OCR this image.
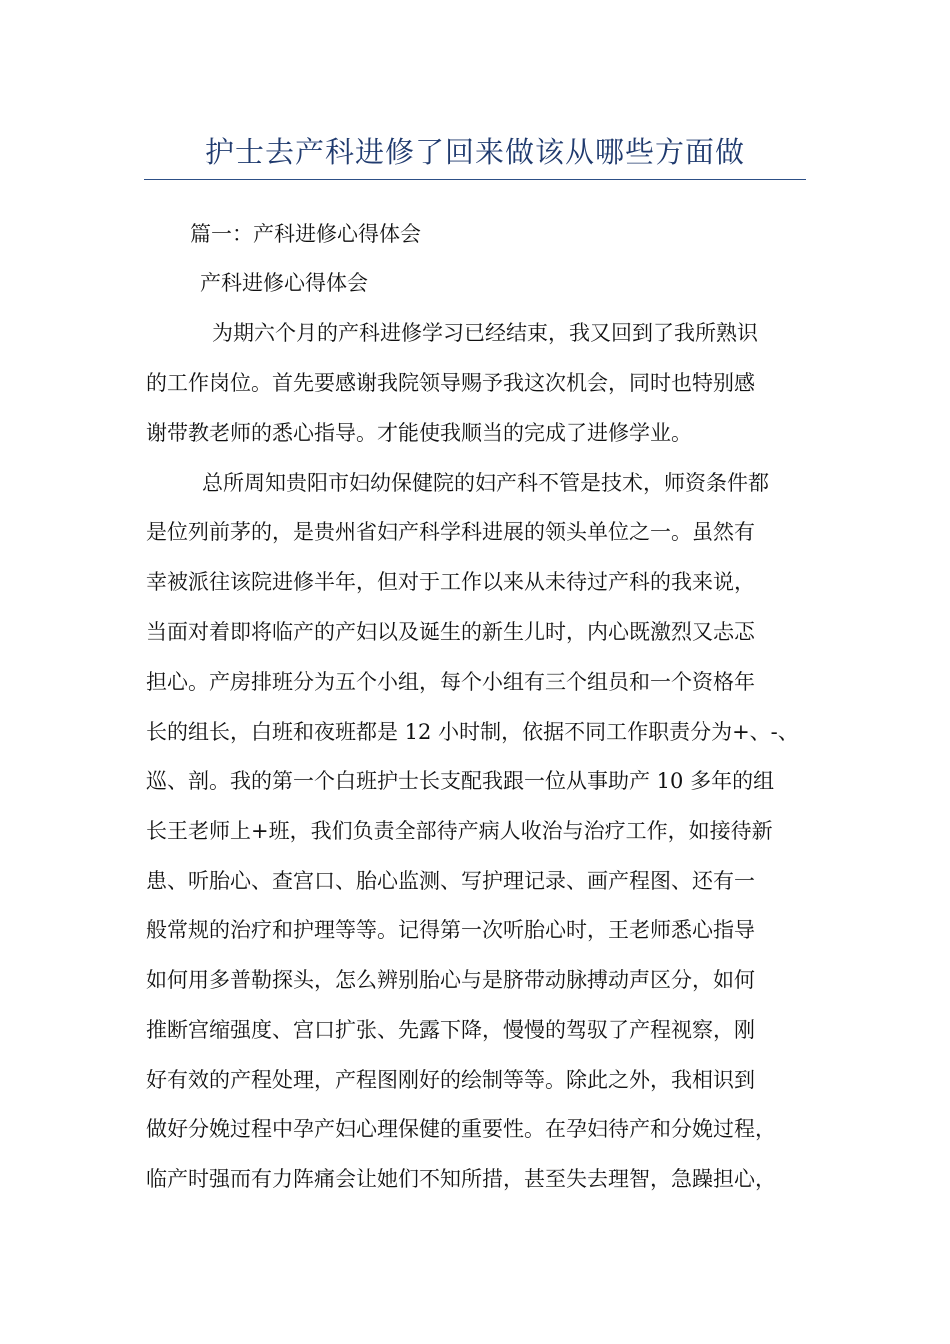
护士去产科进修了回来做该从哪些方面做
篇一：产科进修心得体会
产科进修心得体会
为期六个月的产科进修学习已经结束，我又回到了我所熟识
的工作岗位。首先要感谢我院领导赐予我这次机会，同时也特别感
谢带教老师的悉心指导。才能使我顺当的完成了进修学业。
总所周知贵阳市妇幼保健院的妇产科不管是技术，师资条件都
是位列前茅的，是贵州省妇产科学科进展的领头单位之一。虽然有
幸被派往该院进修半年，但对于工作以来从未待过产科的我来说，
当面对着即将临产的产妇以及诞生的新生儿时，内心既激烈又忐忑
担心。产房排班分为五个小组，每个小组有三个组员和一个资格年
长的组长，白班和夜班都是 12 小时制，依据不同工作职责分为+、-、
巡、剖。我的第一个白班护士长支配我跟一位从事助产 10 多年的组
长王老师上+班，我们负责全部待产病人收治与治疗工作，如接待新
患、听胎心、查宫口、胎心监测、写护理记录、画产程图、还有一
般常规的治疗和护理等等。记得第一次听胎心时，王老师悉心指导
如何用多普勒探头，怎么辨别胎心与是脐带动脉搏动声区分，如何
推断宫缩强度、宫口扩张、先露下降，慢慢的驾驭了产程视察，刚
好有效的产程处理，产程图刚好的绘制等等。除此之外，我相识到
做好分娩过程中孕产妇心理保健的重要性。在孕妇待产和分娩过程，
临产时强而有力阵痛会让她们不知所措，甚至失去理智，急躁担心，
